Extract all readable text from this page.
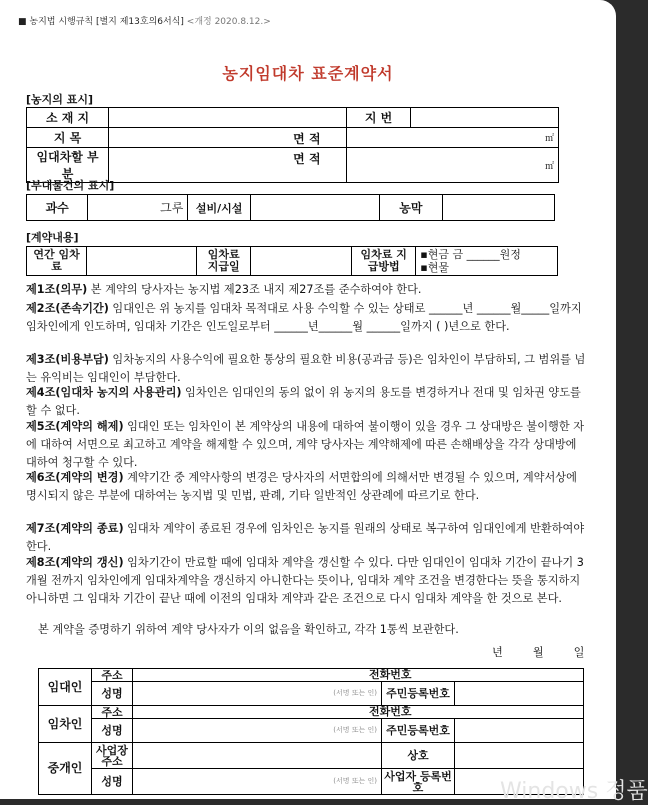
■ 농지법 시행규칙 [별지 제13호의6서식] <개정 2020.8.12.>
농지임대차 표준계약서
[농지의 표시]
소 재 지		지 번	
지 목	면 적	㎡	
임대차할 부분	면 적	㎡	
[부대물건의 표시]
과수	그루	설비/시설		농막	
[계약내용]
연간 임차료		임차료 지급일		임차료 지급방법	
▪현금 금 ______원정
▪현물
제1조(의무) 본 계약의 당사자는 농지법 제23조 내지 제27조를 준수하여야 한다.
제2조(존속기간) 임대인은 위 농지를 임대차 목적대로 사용 수익할 수 있는 상태로 ______년 ______월_____일까지 임차인에게 인도하며, 임대차 기간은 인도일로부터 ______년______월 ______일까지 ( )년으로 한다.
제3조(비용부담) 임차농지의 사용수익에 필요한 통상의 필요한 비용(공과금 등)은 임차인이 부담하되, 그 범위를 넘는 유익비는 임대인이 부담한다.
제4조(임대차 농지의 사용관리) 임차인은 임대인의 동의 없이 위 농지의 용도를 변경하거나 전대 및 임차권 양도를 할 수 없다.
제5조(계약의 해제) 임대인 또는 임차인이 본 계약상의 내용에 대하여 불이행이 있을 경우 그 상대방은 불이행한 자에 대하여 서면으로 최고하고 계약을 해제할 수 있으며, 계약 당사자는 계약해제에 따른 손해배상을 각각 상대방에 대하여 청구할 수 있다.
제6조(계약의 변경) 계약기간 중 계약사항의 변경은 당사자의 서면합의에 의해서만 변경될 수 있으며, 계약서상에 명시되지 않은 부분에 대하여는 농지법 및 민법, 판례, 기타 일반적인 상관례에 따르기로 한다.
제7조(계약의 종료) 임대차 계약이 종료된 경우에 임차인은 농지를 원래의 상태로 복구하여 임대인에게 반환하여야 한다.
제8조(계약의 갱신) 임차기간이 만료할 때에 임대차 계약을 갱신할 수 있다. 다만 임대인이 임대차 기간이 끝나기 3개월 전까지 임차인에게 임대차계약을 갱신하지 아니한다는 뜻이나, 임대차 계약 조건을 변경한다는 뜻을 통지하지 아니하면 그 임대차 기간이 끝난 때에 이전의 임대차 계약과 같은 조건으로 다시 임대차 계약을 한 것으로 본다.
본 계약을 증명하기 위하여 계약 당사자가 이의 없음을 확인하고, 각각 1통씩 보관한다.
년	월	일
임대인	주소	전화번호		

	성명	(서명 또는 인)	주민등록번호	
임차인	주소	전화번호		

	성명	(서명 또는 인)	주민등록번호	
중개인	사업장 주소		상호	
	성명	(서명 또는 인)	사업자 등록번호		Windows 정품
